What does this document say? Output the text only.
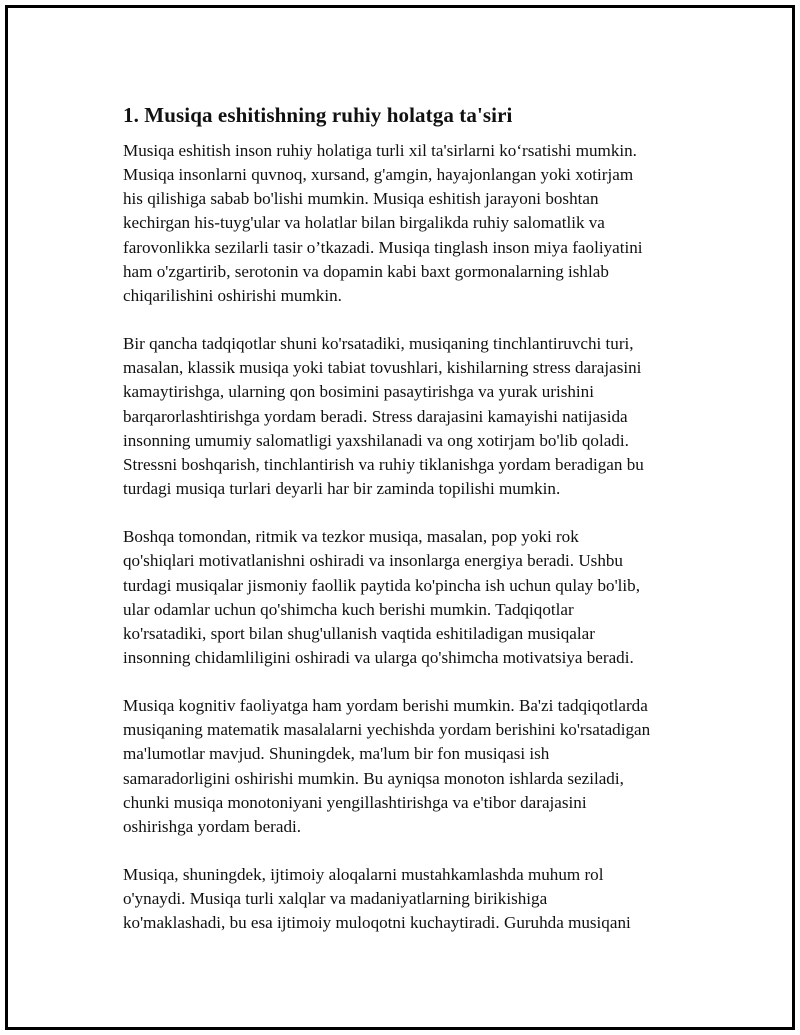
1. Musiqa eshitishning ruhiy holatga ta'siri
Musiqa eshitish inson ruhiy holatiga turli xil ta'sirlarni ko‘rsatishi mumkin.
Musiqa insonlarni quvnoq, xursand, g'amgin, hayajonlangan yoki xotirjam
his qilishiga sabab bo'lishi mumkin. Musiqa eshitish jarayoni boshtan
kechirgan his-tuyg'ular va holatlar bilan birgalikda ruhiy salomatlik va
farovonlikka sezilarli tasir o’tkazadi. Musiqa tinglash inson miya faoliyatini
ham o'zgartirib, serotonin va dopamin kabi baxt gormonalarning ishlab
chiqarilishini oshirishi mumkin.
Bir qancha tadqiqotlar shuni ko'rsatadiki, musiqaning tinchlantiruvchi turi,
masalan, klassik musiqa yoki tabiat tovushlari, kishilarning stress darajasini
kamaytirishga, ularning qon bosimini pasaytirishga va yurak urishini
barqarorlashtirishga yordam beradi. Stress darajasini kamayishi natijasida
insonning umumiy salomatligi yaxshilanadi va ong xotirjam bo'lib qoladi.
Stressni boshqarish, tinchlantirish va ruhiy tiklanishga yordam beradigan bu
turdagi musiqa turlari deyarli har bir zaminda topilishi mumkin.
Boshqa tomondan, ritmik va tezkor musiqa, masalan, pop yoki rok
qo'shiqlari motivatlanishni oshiradi va insonlarga energiya beradi. Ushbu
turdagi musiqalar jismoniy faollik paytida ko'pincha ish uchun qulay bo'lib,
ular odamlar uchun qo'shimcha kuch berishi mumkin. Tadqiqotlar
ko'rsatadiki, sport bilan shug'ullanish vaqtida eshitiladigan musiqalar
insonning chidamliligini oshiradi va ularga qo'shimcha motivatsiya beradi.
Musiqa kognitiv faoliyatga ham yordam berishi mumkin. Ba'zi tadqiqotlarda
musiqaning matematik masalalarni yechishda yordam berishini ko'rsatadigan
ma'lumotlar mavjud. Shuningdek, ma'lum bir fon musiqasi ish
samaradorligini oshirishi mumkin. Bu ayniqsa monoton ishlarda seziladi,
chunki musiqa monotoniyani yengillashtirishga va e'tibor darajasini
oshirishga yordam beradi.
Musiqa, shuningdek, ijtimoiy aloqalarni mustahkamlashda muhum rol
o'ynaydi. Musiqa turli xalqlar va madaniyatlarning birikishiga
ko'maklashadi, bu esa ijtimoiy muloqotni kuchaytiradi. Guruhda musiqani
